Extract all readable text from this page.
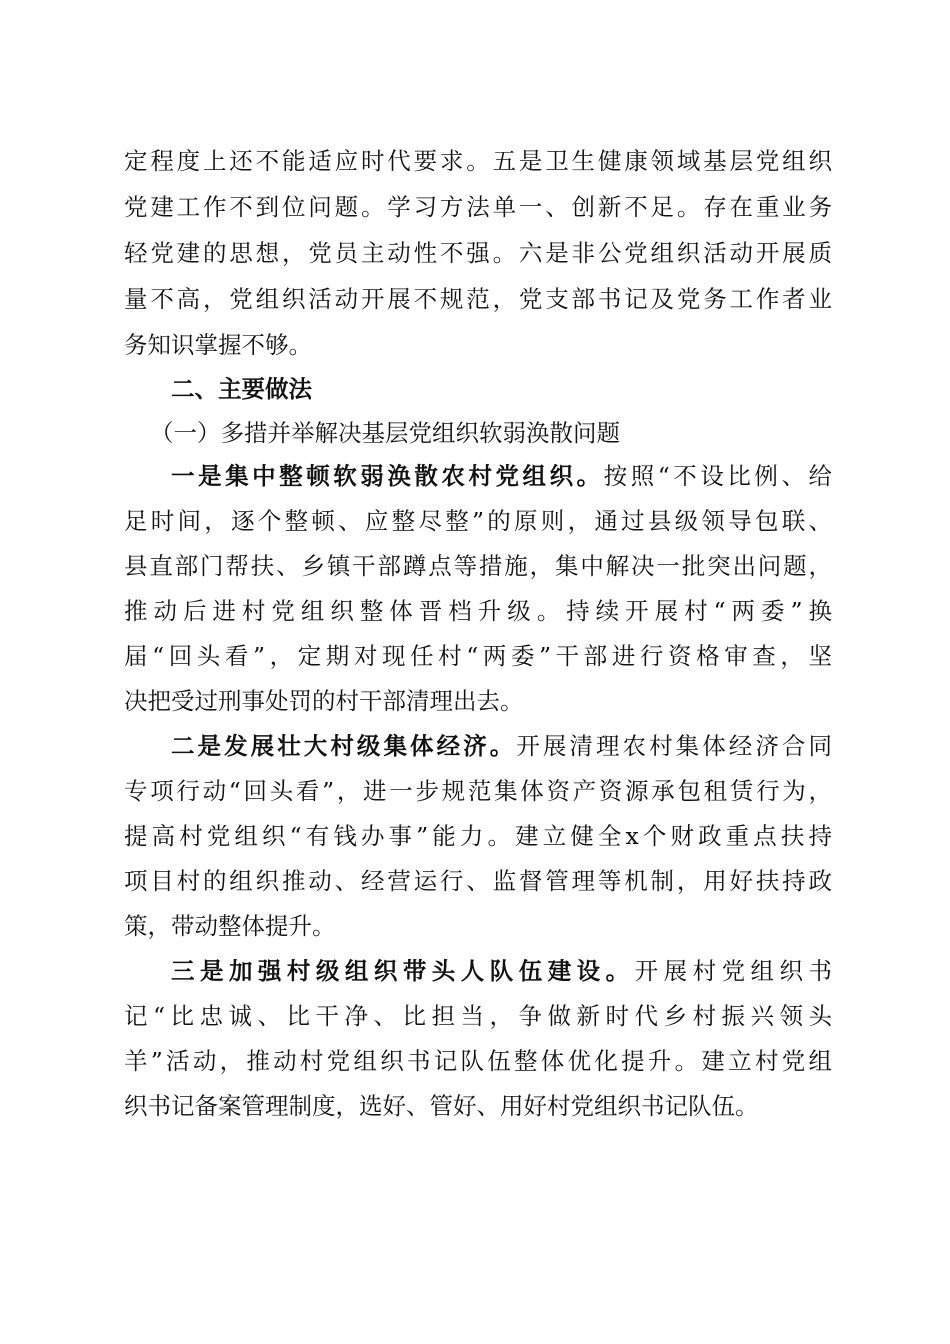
定程度上还不能适应时代要求。五是卫生健康领域基层党组织
党建工作不到位问题。学习方法单一、创新不足。存在重业务
轻党建的思想，党员主动性不强。六是非公党组织活动开展质
量不高，党组织活动开展不规范，党支部书记及党务工作者业
务知识掌握不够。
二、主要做法
（一）多措并举解决基层党组织软弱涣散问题
一是集中整顿软弱涣散农村党组织。按照“不设比例、给
足时间，逐个整顿、应整尽整”的原则，通过县级领导包联、
县直部门帮扶、乡镇干部蹲点等措施，集中解决一批突出问题，
推动后进村党组织整体晋档升级。持续开展村“两委”换
届“回头看”，定期对现任村“两委”干部进行资格审查，坚
决把受过刑事处罚的村干部清理出去。
二是发展壮大村级集体经济。开展清理农村集体经济合同
专项行动“回头看”，进一步规范集体资产资源承包租赁行为，
提高村党组织“有钱办事”能力。建立健全x个财政重点扶持
项目村的组织推动、经营运行、监督管理等机制，用好扶持政
策，带动整体提升。
三是加强村级组织带头人队伍建设。开展村党组织书
记“比忠诚、比干净、比担当，争做新时代乡村振兴领头
羊”活动，推动村党组织书记队伍整体优化提升。建立村党组
织书记备案管理制度，选好、管好、用好村党组织书记队伍。
